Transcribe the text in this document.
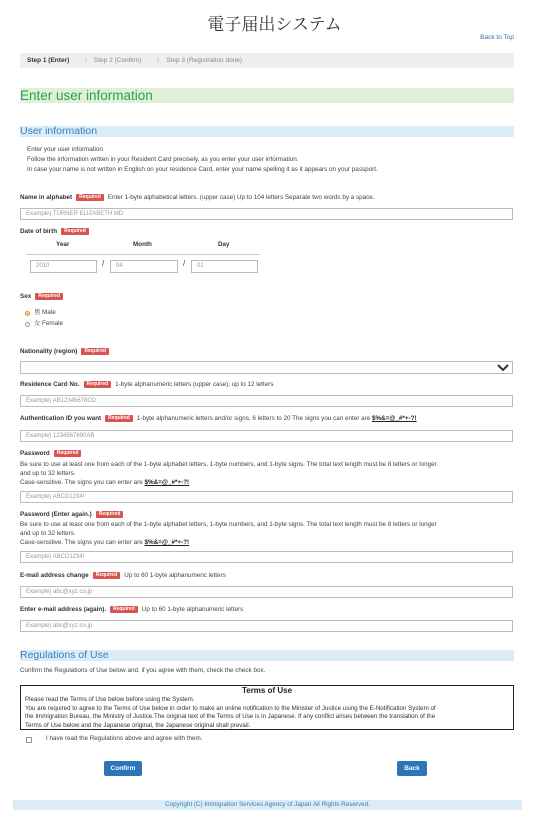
電子届出システム
Back to Top
Step 1 (Enter) / Step 2 (Confirm) / Step 3 (Registration done)
Enter user information
User information
Enter your user information
Follow the information written in your Resident Card precisely, as you enter your user information.
In case your name is not written in English on your residence Card, enter your name spelling it as it appears on your passport.
Name in alphabet Required Enter 1-byte alphabetical letters. (upper case) Up to 104 letters Separate two words by a space.
Example) TURNER ELIZABETH MD
Date of birth Required
Year	Month	Day
2010	/	04	/	01
Sex Required
男 Male
女 Female
Nationality (region) Required
Residence Card No. Required 1-byte alphanumeric letters (upper case), up to 12 letters
Example) AB12345678CD
Authentication ID you want Required 1-byte alphanumeric letters and/or signs, 6 letters to 20 The signs you can enter are $%&=@_#*+-?!
Example) 1234567890AB
Password Required
Be sure to use at least one from each of the 1-byte alphabet letters, 1-byte numbers, and 1-byte signs. The total text length must be 8 letters or longer
and up to 32 letters.
Case-sensitive. The signs you can enter are $%&=@_#*+-?!
Example) ABCD1234!
Password (Enter again.) Required
Be sure to use at least one from each of the 1-byte alphabet letters, 1-byte numbers, and 1-byte signs. The total text length must be 8 letters or longer
and up to 32 letters.
Case-sensitive. The signs you can enter are $%&=@_#*+-?!
Example) ABCD1234!
E-mail address change Required Up to 60 1-byte alphanumeric letters
Example) abc@xyz.co.jp
Enter e-mail address (again). Required Up to 60 1-byte alphanumeric letters
Example) abc@xyz.co.jp
Regulations of Use
Confirm the Regulations of Use below and, if you agree with them, check the check box.
Terms of Use
Please read the Terms of Use below before using the System.
You are required to agree to the Terms of Use below in order to make an online notification to the Minister of Justice using the E-Notification System of
the Immigration Bureau, the Ministry of Justice.The original text of the Terms of Use is in Japanese. If any conflict arises between the translation of the
Terms of Use below and the Japanese original, the Japanese original shall prevail.
I have read the Regulations above and agree with them.
Confirm	Back
Copyright (C) Immigration Services Agency of Japan All Rights Reserved.
